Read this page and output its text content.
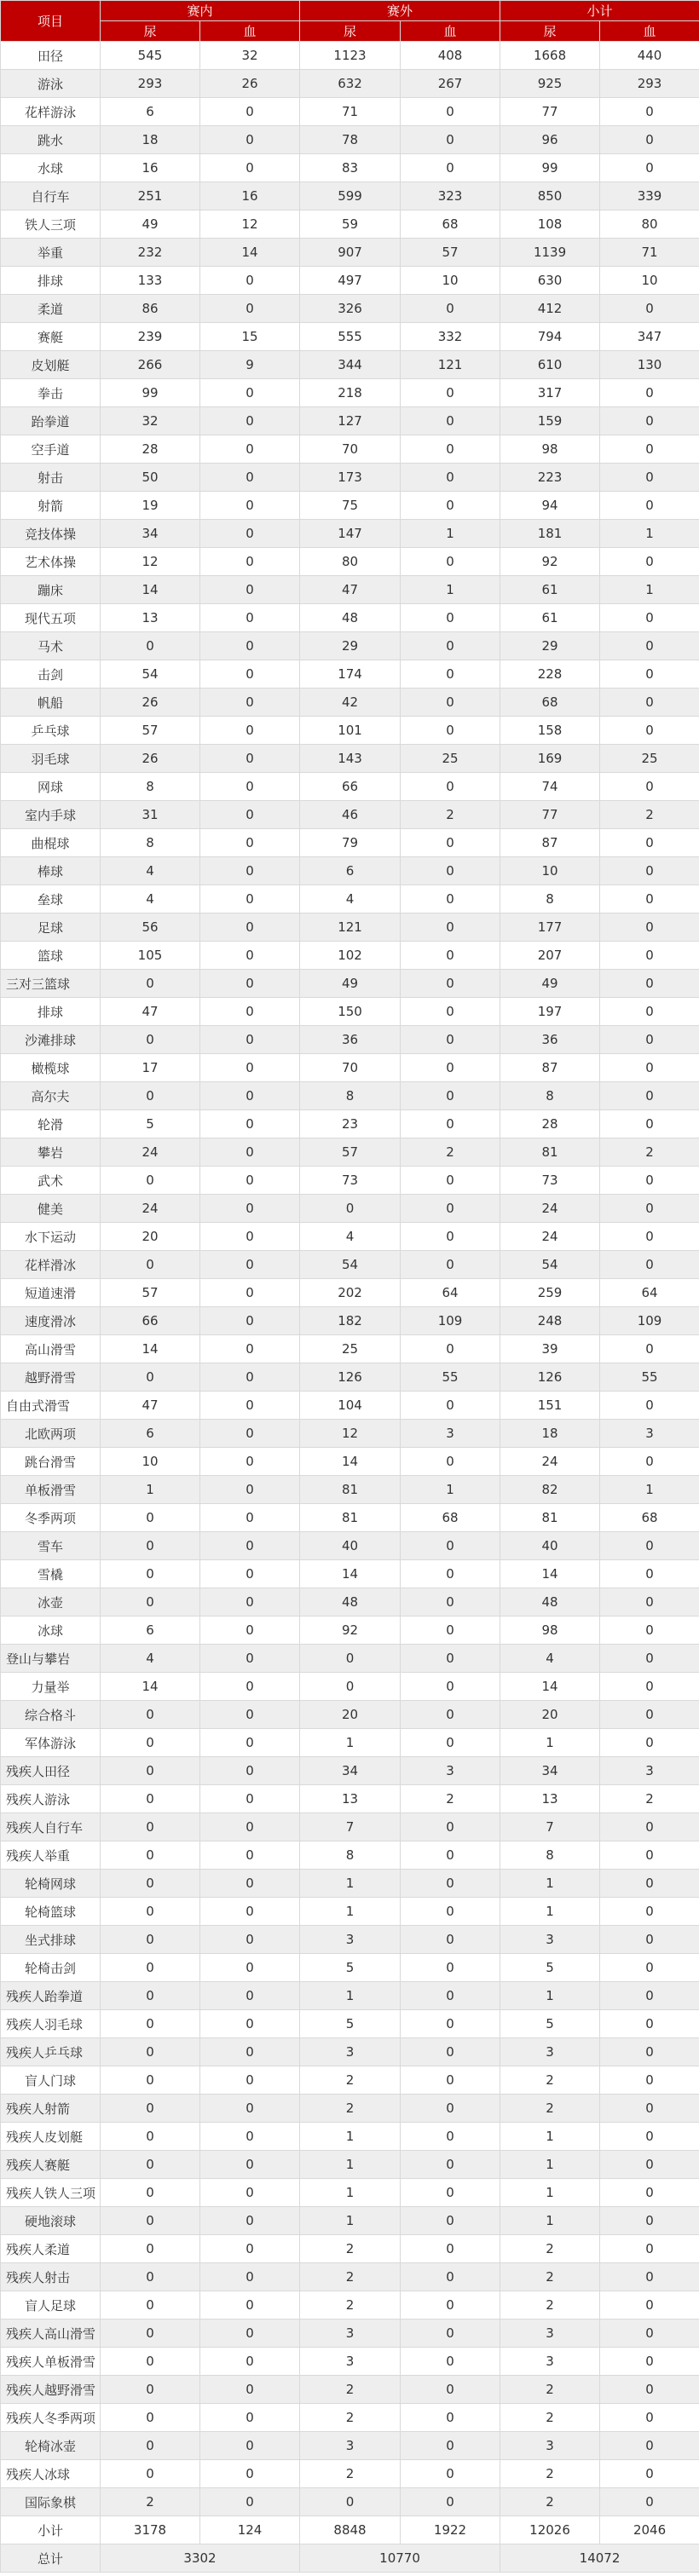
项目	赛内		赛外		小计	
	尿	血	尿	血	尿	血
田径	545	32	1123	408	1668	440
游泳	293	26	632	267	925	293
花样游泳	6	0	71	0	77	0
跳水	18	0	78	0	96	0
水球	16	0	83	0	99	0
自行车	251	16	599	323	850	339
铁人三项	49	12	59	68	108	80
举重	232	14	907	57	1139	71
排球	133	0	497	10	630	10
柔道	86	0	326	0	412	0
赛艇	239	15	555	332	794	347
皮划艇	266	9	344	121	610	130
拳击	99	0	218	0	317	0
跆拳道	32	0	127	0	159	0
空手道	28	0	70	0	98	0
射击	50	0	173	0	223	0
射箭	19	0	75	0	94	0
竞技体操	34	0	147	1	181	1
艺术体操	12	0	80	0	92	0
蹦床	14	0	47	1	61	1
现代五项	13	0	48	0	61	0
马术	0	0	29	0	29	0
击剑	54	0	174	0	228	0
帆船	26	0	42	0	68	0
乒乓球	57	0	101	0	158	0
羽毛球	26	0	143	25	169	25
网球	8	0	66	0	74	0
室内手球	31	0	46	2	77	2
曲棍球	8	0	79	0	87	0
棒球	4	0	6	0	10	0
垒球	4	0	4	0	8	0
足球	56	0	121	0	177	0
篮球	105	0	102	0	207	0
三对三篮球	0	0	49	0	49	0
排球	47	0	150	0	197	0
沙滩排球	0	0	36	0	36	0
橄榄球	17	0	70	0	87	0
高尔夫	0	0	8	0	8	0
轮滑	5	0	23	0	28	0
攀岩	24	0	57	2	81	2
武术	0	0	73	0	73	0
健美	24	0	0	0	24	0
水下运动	20	0	4	0	24	0
花样滑冰	0	0	54	0	54	0
短道速滑	57	0	202	64	259	64
速度滑冰	66	0	182	109	248	109
高山滑雪	14	0	25	0	39	0
越野滑雪	0	0	126	55	126	55
自由式滑雪	47	0	104	0	151	0
北欧两项	6	0	12	3	18	3
跳台滑雪	10	0	14	0	24	0
单板滑雪	1	0	81	1	82	1
冬季两项	0	0	81	68	81	68
雪车	0	0	40	0	40	0
雪橇	0	0	14	0	14	0
冰壶	0	0	48	0	48	0
冰球	6	0	92	0	98	0
登山与攀岩	4	0	0	0	4	0
力量举	14	0	0	0	14	0
综合格斗	0	0	20	0	20	0
军体游泳	0	0	1	0	1	0
残疾人田径	0	0	34	3	34	3
残疾人游泳	0	0	13	2	13	2
残疾人自行车	0	0	7	0	7	0
残疾人举重	0	0	8	0	8	0
轮椅网球	0	0	1	0	1	0
轮椅篮球	0	0	1	0	1	0
坐式排球	0	0	3	0	3	0
轮椅击剑	0	0	5	0	5	0
残疾人跆拳道	0	0	1	0	1	0
残疾人羽毛球	0	0	5	0	5	0
残疾人乒乓球	0	0	3	0	3	0
盲人门球	0	0	2	0	2	0
残疾人射箭	0	0	2	0	2	0
残疾人皮划艇	0	0	1	0	1	0
残疾人赛艇	0	0	1	0	1	0
残疾人铁人三项	0	0	1	0	1	0
硬地滚球	0	0	1	0	1	0
残疾人柔道	0	0	2	0	2	0
残疾人射击	0	0	2	0	2	0
盲人足球	0	0	2	0	2	0
残疾人高山滑雪	0	0	3	0	3	0
残疾人单板滑雪	0	0	3	0	3	0
残疾人越野滑雪	0	0	2	0	2	0
残疾人冬季两项	0	0	2	0	2	0
轮椅冰壶	0	0	3	0	3	0
残疾人冰球	0	0	2	0	2	0
国际象棋	2	0	0	0	2	0
小计	3178	124	8848	1922	12026	2046
总计	3302		10770		14072	
